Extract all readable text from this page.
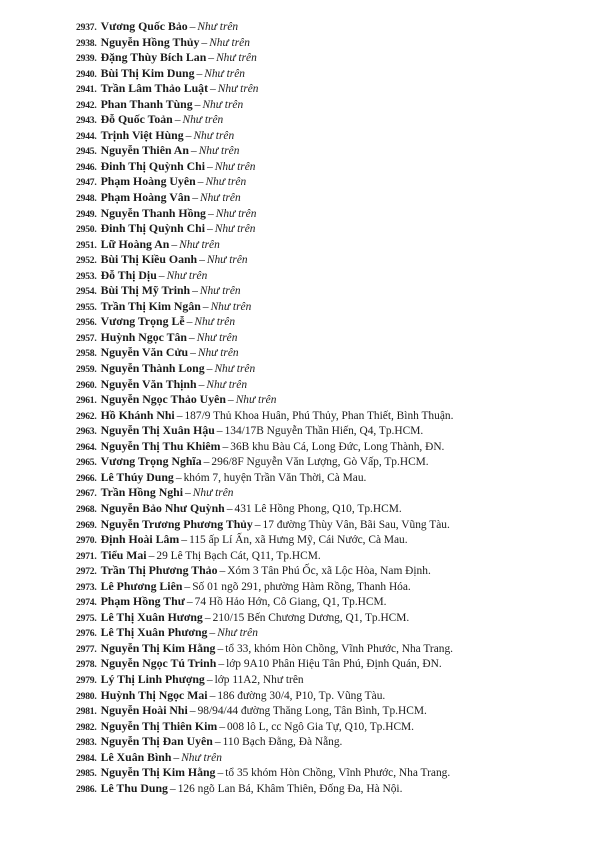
2937. Vương Quốc Bảo – Như trên
2938. Nguyễn Hồng Thủy – Như trên
2939. Đặng Thùy Bích Lan – Như trên
2940. Bùi Thị Kim Dung – Như trên
2941. Trần Lâm Thảo Luật – Như trên
2942. Phan Thanh Tùng – Như trên
2943. Đỗ Quốc Toản – Như trên
2944. Trịnh Việt Hùng – Như trên
2945. Nguyễn Thiên An – Như trên
2946. Đinh Thị Quỳnh Chi – Như trên
2947. Phạm Hoàng Uyên – Như trên
2948. Phạm Hoàng Vân – Như trên
2949. Nguyễn Thanh Hồng – Như trên
2950. Đinh Thị Quỳnh Chi – Như trên
2951. Lữ Hoàng An – Như trên
2952. Bùi Thị Kiều Oanh – Như trên
2953. Đỗ Thị Dịu – Như trên
2954. Bùi Thị Mỹ Trinh – Như trên
2955. Trần Thị Kim Ngân – Như trên
2956. Vương Trọng Lễ – Như trên
2957. Huỳnh Ngọc Tân – Như trên
2958. Nguyễn Văn Cửu – Như trên
2959. Nguyễn Thành Long – Như trên
2960. Nguyễn Văn Thịnh – Như trên
2961. Nguyễn Ngọc Thảo Uyên – Như trên
2962. Hồ Khánh Nhi – 187/9 Thủ Khoa Huân, Phú Thủy, Phan Thiết, Bình Thuận.
2963. Nguyễn Thị Xuân Hậu – 134/17B Nguyễn Thần Hiến, Q4, Tp.HCM.
2964. Nguyễn Thị Thu Khiêm – 36B khu Bàu Cá, Long Đức, Long Thành, ĐN.
2965. Vương Trọng Nghĩa – 296/8F Nguyễn Văn Lượng, Gò Vấp, Tp.HCM.
2966. Lê Thúy Dung – khóm 7, huyện Trần Văn Thời, Cà Mau.
2967. Trần Hồng Nghi – Như trên
2968. Nguyễn Bảo Như Quỳnh – 431 Lê Hồng Phong, Q10, Tp.HCM.
2969. Nguyễn Trương Phương Thủy – 17 đường Thùy Vân, Bãi Sau, Vũng Tàu.
2970. Định Hoài Lâm – 115 ấp Lí Ấn, xã Hưng Mỹ, Cái Nước, Cà Mau.
2971. Tiểu Mai – 29 Lê Thị Bạch Cát, Q11, Tp.HCM.
2972. Trần Thị Phương Thảo – Xóm 3 Tân Phú Ốc, xã Lộc Hòa, Nam Định.
2973. Lê Phương Liên – Số 01 ngõ 291, phường Hàm Rồng, Thanh Hóa.
2974. Phạm Hồng Thư – 74 Hồ Hảo Hớn, Cô Giang, Q1, Tp.HCM.
2975. Lê Thị Xuân Hương – 210/15 Bến Chương Dương, Q1, Tp.HCM.
2976. Lê Thị Xuân Phương – Như trên
2977. Nguyễn Thị Kim Hằng – tổ 33, khóm Hòn Chồng, Vĩnh Phước, Nha Trang.
2978. Nguyễn Ngọc Tú Trinh – lớp 9A10 Phân Hiệu Tân Phú, Định Quán, ĐN.
2979. Lý Thị Linh Phượng – lớp 11A2, Như trên
2980. Huỳnh Thị Ngọc Mai – 186 đường 30/4, P10, Tp. Vũng Tàu.
2981. Nguyễn Hoài Nhi – 98/94/44 đường Thăng Long, Tân Bình, Tp.HCM.
2982. Nguyễn Thị Thiên Kim – 008 lô L, cc Ngô Gia Tự, Q10, Tp.HCM.
2983. Nguyễn Thị Đan Uyên – 110 Bạch Đằng, Đà Nẵng.
2984. Lê Xuân Bình – Như trên
2985. Nguyễn Thị Kim Hằng – tổ 35 khóm Hòn Chồng, Vĩnh Phước, Nha Trang.
2986. Lê Thu Dung – 126 ngõ Lan Bá, Khâm Thiên, Đống Đa, Hà Nội.
